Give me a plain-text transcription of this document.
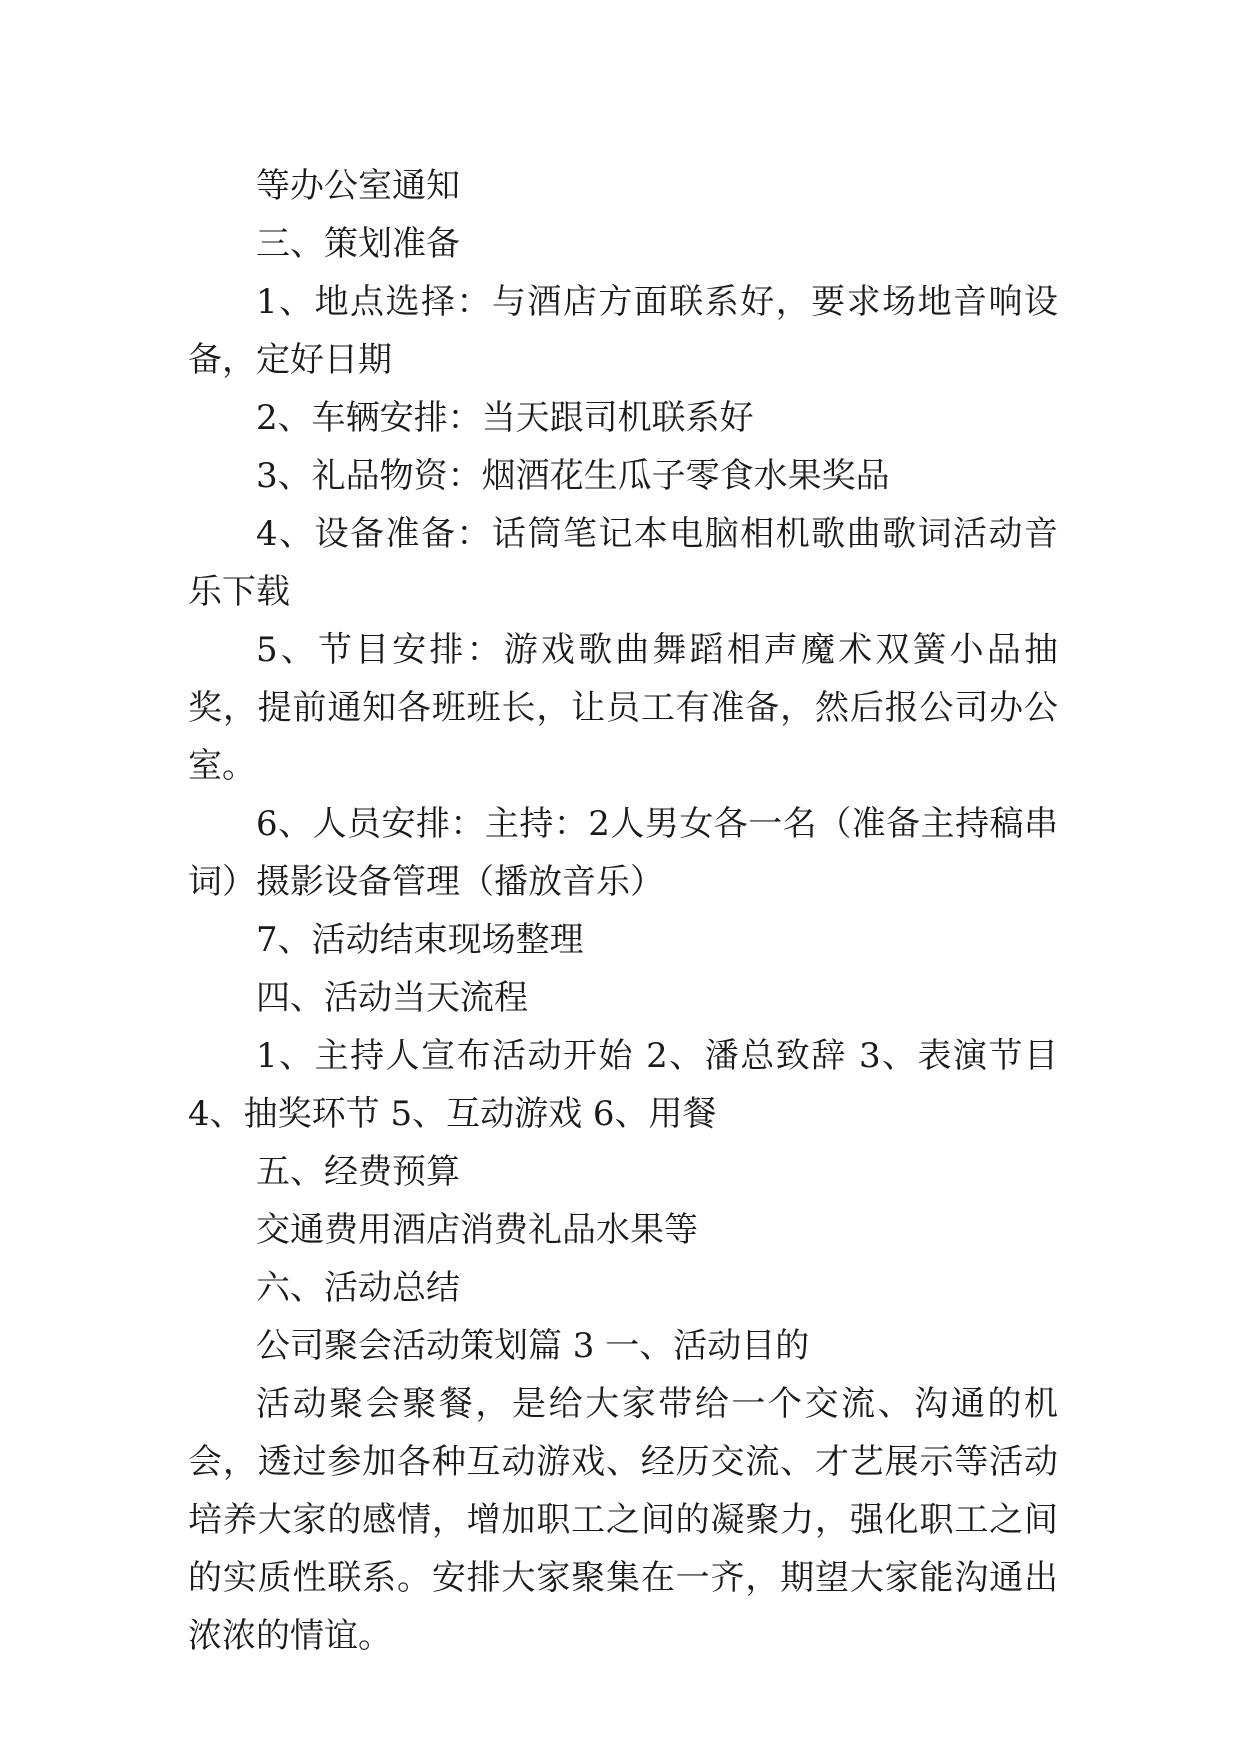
等办公室通知

三、策划准备

1、地点选择：与酒店方面联系好，要求场地音响设备，定好日期

2、车辆安排：当天跟司机联系好

3、礼品物资：烟酒花生瓜子零食水果奖品

4、设备准备：话筒笔记本电脑相机歌曲歌词活动音乐下载

5、节目安排：游戏歌曲舞蹈相声魔术双簧小品抽奖，提前通知各班班长，让员工有准备，然后报公司办公室。

6、人员安排：主持：2人男女各一名（准备主持稿串词）摄影设备管理（播放音乐）

7、活动结束现场整理

四、活动当天流程

1、主持人宣布活动开始 2、潘总致辞 3、表演节目 4、抽奖环节 5、互动游戏 6、用餐

五、经费预算

交通费用酒店消费礼品水果等

六、活动总结

公司聚会活动策划篇 3 一、活动目的

活动聚会聚餐，是给大家带给一个交流、沟通的机会，透过参加各种互动游戏、经历交流、才艺展示等活动培养大家的感情，增加职工之间的凝聚力，强化职工之间的实质性联系。安排大家聚集在一齐，期望大家能沟通出浓浓的情谊。
